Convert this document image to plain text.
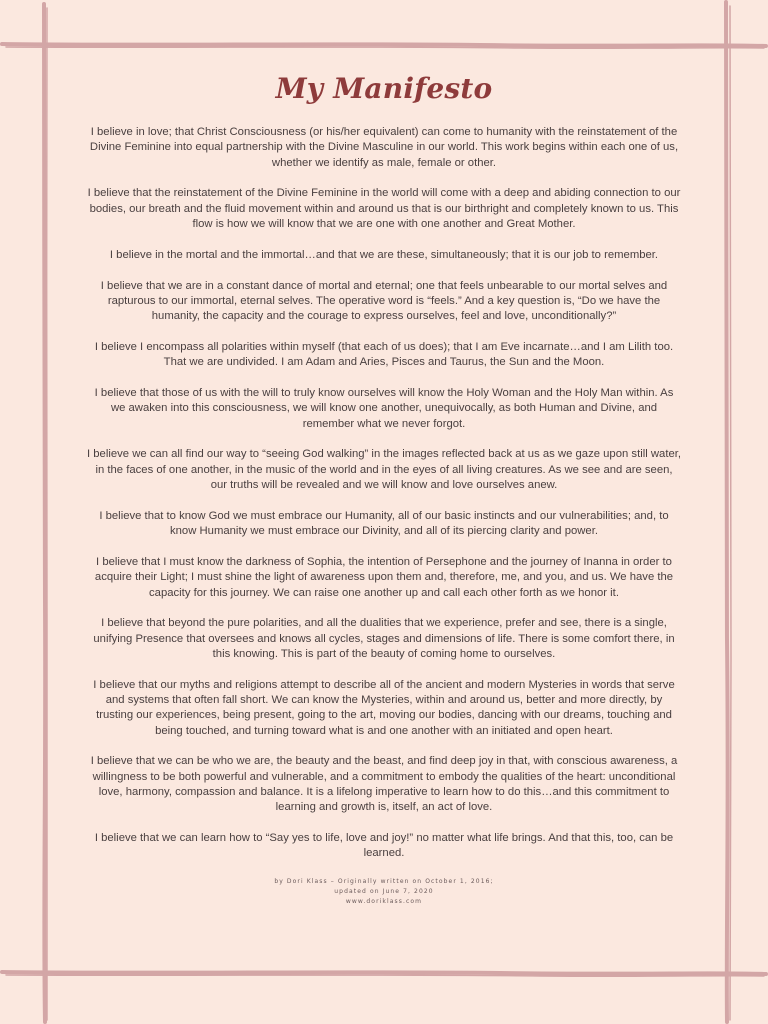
My Manifesto

I believe in love; that Christ Consciousness (or his/her equivalent) can come to humanity with the reinstatement of the Divine Feminine into equal partnership with the Divine Masculine in our world. This work begins within each one of us, whether we identify as male, female or other.

I believe that the reinstatement of the Divine Feminine in the world will come with a deep and abiding connection to our bodies, our breath and the fluid movement within and around us that is our birthright and completely known to us. This flow is how we will know that we are one with one another and Great Mother.

I believe in the mortal and the immortal…and that we are these, simultaneously; that it is our job to remember.

I believe that we are in a constant dance of mortal and eternal; one that feels unbearable to our mortal selves and rapturous to our immortal, eternal selves. The operative word is “feels.” And a key question is, “Do we have the humanity, the capacity and the courage to express ourselves, feel and love, unconditionally?”

I believe I encompass all polarities within myself (that each of us does); that I am Eve incarnate…and I am Lilith too. That we are undivided. I am Adam and Aries, Pisces and Taurus, the Sun and the Moon.

I believe that those of us with the will to truly know ourselves will know the Holy Woman and the Holy Man within. As we awaken into this consciousness, we will know one another, unequivocally, as both Human and Divine, and remember what we never forgot.

I believe we can all find our way to “seeing God walking” in the images reflected back at us as we gaze upon still water, in the faces of one another, in the music of the world and in the eyes of all living creatures. As we see and are seen, our truths will be revealed and we will know and love ourselves anew.

I believe that to know God we must embrace our Humanity, all of our basic instincts and our vulnerabilities; and, to know Humanity we must embrace our Divinity, and all of its piercing clarity and power.

I believe that I must know the darkness of Sophia, the intention of Persephone and the journey of Inanna in order to acquire their Light; I must shine the light of awareness upon them and, therefore, me, and you, and us. We have the capacity for this journey. We can raise one another up and call each other forth as we honor it.

I believe that beyond the pure polarities, and all the dualities that we experience, prefer and see, there is a single, unifying Presence that oversees and knows all cycles, stages and dimensions of life. There is some comfort there, in this knowing. This is part of the beauty of coming home to ourselves.

I believe that our myths and religions attempt to describe all of the ancient and modern Mysteries in words that serve and systems that often fall short. We can know the Mysteries, within and around us, better and more directly, by trusting our experiences, being present, going to the art, moving our bodies, dancing with our dreams, touching and being touched, and turning toward what is and one another with an initiated and open heart.

I believe that we can be who we are, the beauty and the beast, and find deep joy in that, with conscious awareness, a willingness to be both powerful and vulnerable, and a commitment to embody the qualities of the heart: unconditional love, harmony, compassion and balance. It is a lifelong imperative to learn how to do this…and this commitment to learning and growth is, itself, an act of love.

I believe that we can learn how to “Say yes to life, love and joy!” no matter what life brings. And that this, too, can be learned.

by Dori Klass – Originally written on October 1, 2016;
updated on June 7, 2020
www.doriklass.com
